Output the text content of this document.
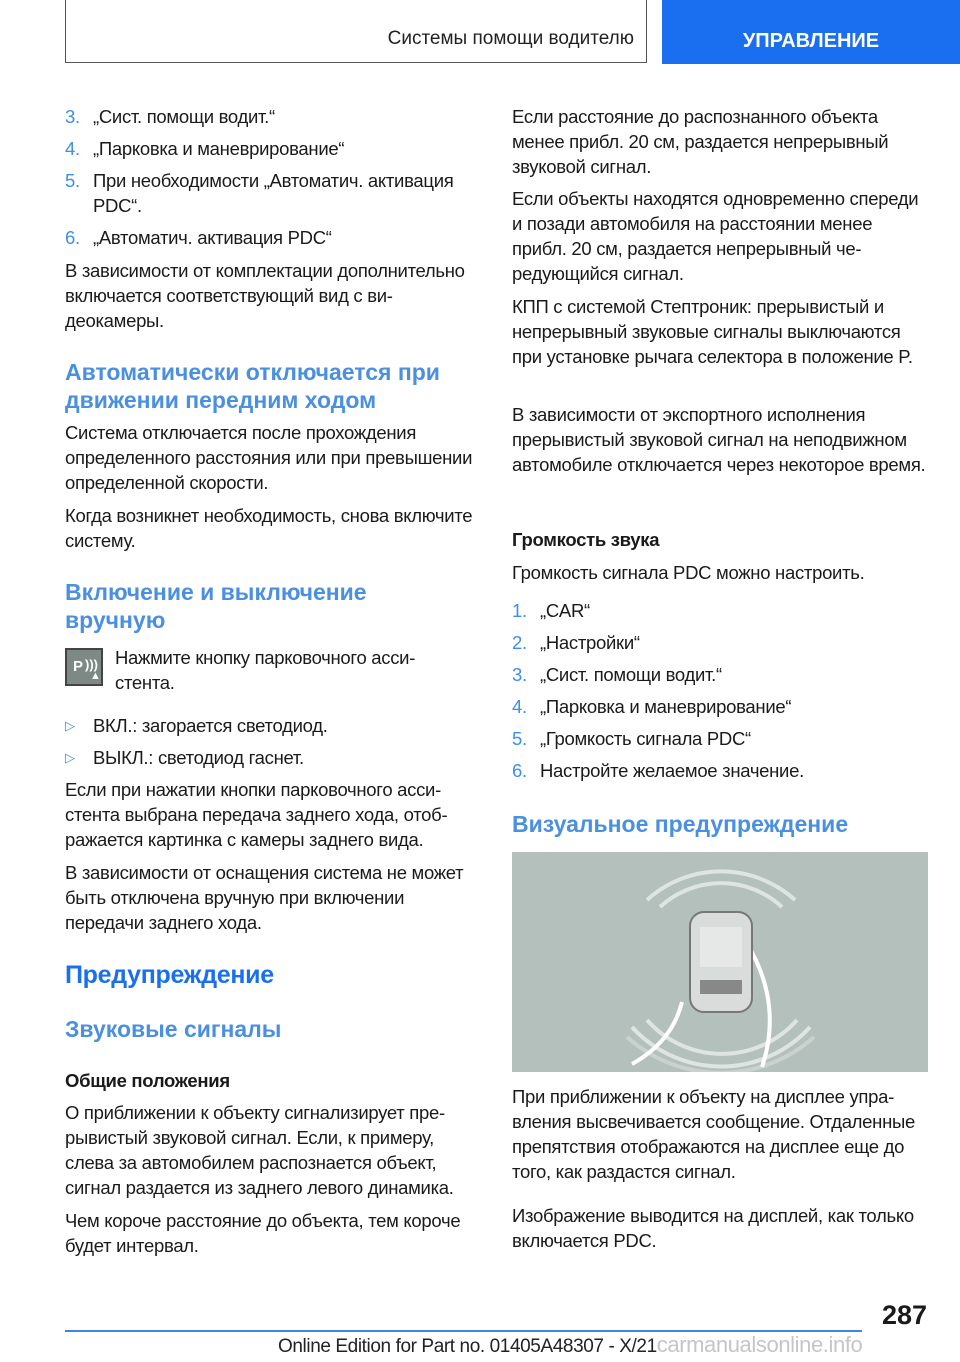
Системы помощи водителю	УПРАВЛЕНИЕ
3. „Сист. помощи водит.“
4. „Парковка и маневрирование“
5. При необходимости „Автоматич. активация PDC“.
6. „Автоматич. активация PDC“
В зависимости от комплектации дополнительно включается соответствующий вид с видеокамеры.
Автоматически отключается при движении передним ходом
Система отключается после прохождения определенного расстояния или при превышении определенной скорости.
Когда возникнет необходимость, снова включите систему.
Включение и выключение вручную
P )))
▲
Нажмите кнопку парковочного ассистента.
▷ ВКЛ.: загорается светодиод.
▷ ВЫКЛ.: светодиод гаснет.
Если при нажатии кнопки парковочного ассистента выбрана передача заднего хода, отображается картинка с камеры заднего вида.
В зависимости от оснащения система не может быть отключена вручную при включении передачи заднего хода.
Предупреждение
Звуковые сигналы
Общие положения
О приближении к объекту сигнализирует прерывистый звуковой сигнал. Если, к примеру, слева за автомобилем распознается объект, сигнал раздается из заднего левого динамика.
Чем короче расстояние до объекта, тем короче будет интервал.
Если расстояние до распознанного объекта менее прибл. 20 см, раздается непрерывный звуковой сигнал.
Если объекты находятся одновременно спереди и позади автомобиля на расстоянии менее прибл. 20 см, раздается непрерывный чередующийся сигнал.
КПП с системой Стептроник: прерывистый и непрерывный звуковые сигналы выключаются при установке рычага селектора в положение P.
В зависимости от экспортного исполнения прерывистый звуковой сигнал на неподвижном автомобиле отключается через некоторое время.
Громкость звука
Громкость сигнала PDC можно настроить.
1. „CAR“
2. „Настройки“
3. „Сист. помощи водит.“
4. „Парковка и маневрирование“
5. „Громкость сигнала PDC“
6. Настройте желаемое значение.
Визуальное предупреждение
При приближении к объекту на дисплее управления высвечивается сообщение. Отдаленные препятствия отображаются на дисплее еще до того, как раздастся сигнал.
Изображение выводится на дисплей, как только включается PDC.
287
Online Edition for Part no. 01405A48307 - X/21carmanualsonline.info
